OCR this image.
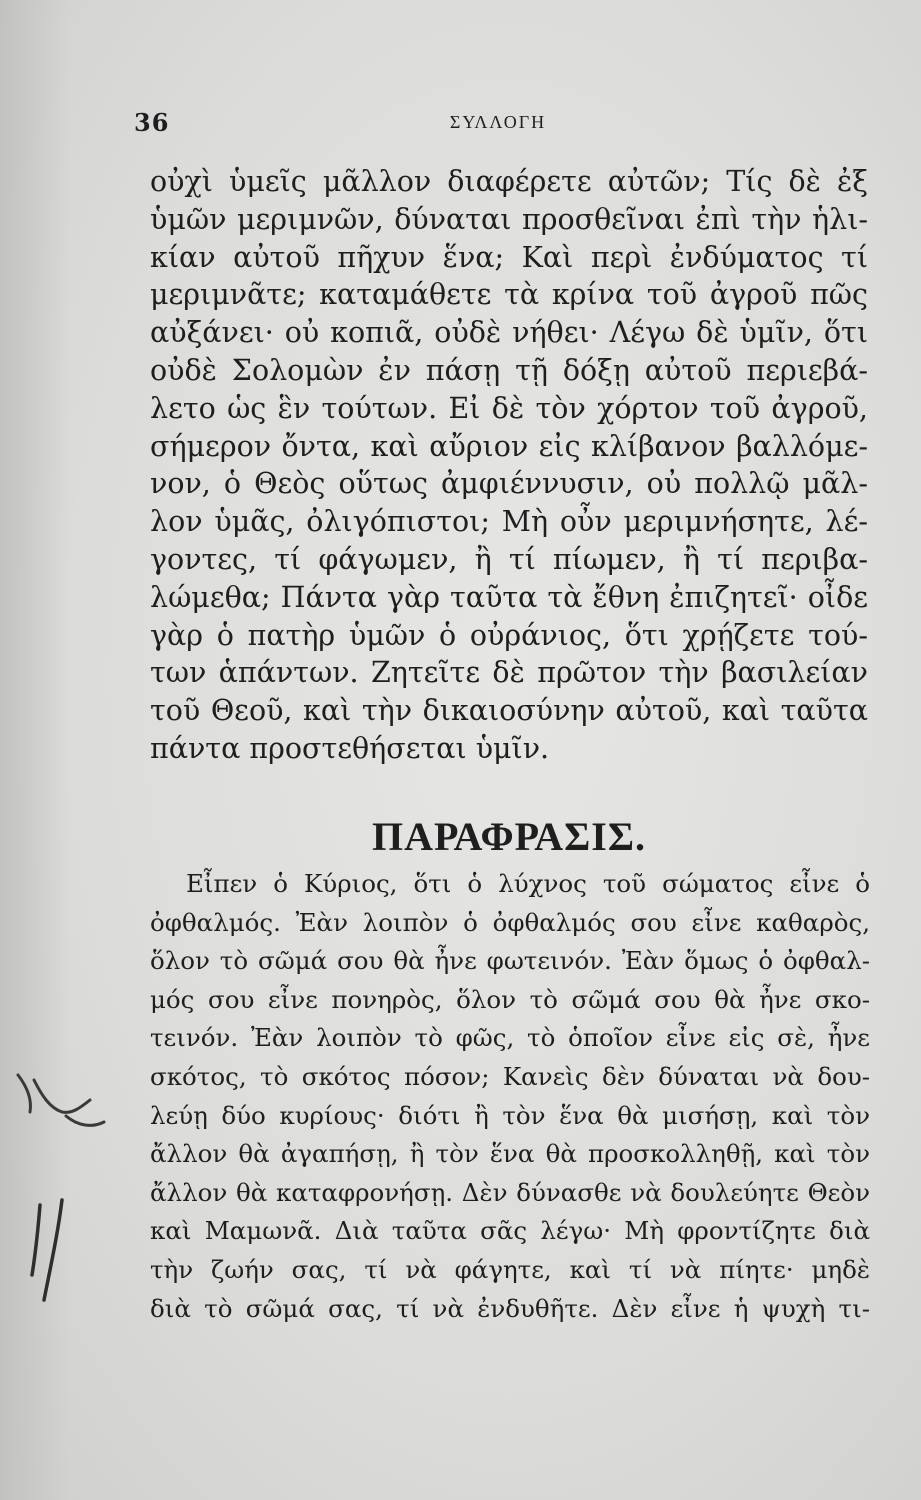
36	ΣΥΛΛΟΓΗ
οὐχὶ ὑμεῖς μᾶλλον διαφέρετε αὐτῶν; Τίς δὲ ἐξ
ὑμῶν μεριμνῶν, δύναται προσθεῖναι ἐπὶ τὴν ἡλι-
κίαν αὐτοῦ πῆχυν ἕνα; Καὶ περὶ ἐνδύματος τί
μεριμνᾶτε; καταμάθετε τὰ κρίνα τοῦ ἀγροῦ πῶς
αὐξάνει· οὐ κοπιᾶ, οὐδὲ νήθει· Λέγω δὲ ὑμῖν, ὅτι
οὐδὲ Σολομὼν ἐν πάσῃ τῇ δόξῃ αὐτοῦ περιεβά-
λετο ὡς ἓν τούτων. Εἰ δὲ τὸν χόρτον τοῦ ἀγροῦ,
σήμερον ὄντα, καὶ αὔριον εἰς κλίβανον βαλλόμε-
νον, ὁ Θεὸς οὕτως ἀμφιέννυσιν, οὐ πολλῷ μᾶλ-
λον ὑμᾶς, ὀλιγόπιστοι; Μὴ οὖν μεριμνήσητε, λέ-
γοντες, τί φάγωμεν, ἢ τί πίωμεν, ἢ τί περιβα-
λώμεθα; Πάντα γὰρ ταῦτα τὰ ἔθνη ἐπιζητεῖ· οἶδε
γὰρ ὁ πατὴρ ὑμῶν ὁ οὐράνιος, ὅτι χρῄζετε τού-
των ἁπάντων. Ζητεῖτε δὲ πρῶτον τὴν βασιλείαν
τοῦ Θεοῦ, καὶ τὴν δικαιοσύνην αὐτοῦ, καὶ ταῦτα
πάντα προστεθήσεται ὑμῖν.
ΠΑΡΑΦΡΑΣΙΣ.
Εἶπεν ὁ Κύριος, ὅτι ὁ λύχνος τοῦ σώματος εἶνε ὁ
ὀφθαλμός. Ἐὰν λοιπὸν ὁ ὀφθαλμός σου εἶνε καθαρὸς,
ὅλον τὸ σῶμά σου θὰ ἦνε φωτεινόν. Ἐὰν ὅμως ὁ ὀφθαλ-
μός σου εἶνε πονηρὸς, ὅλον τὸ σῶμά σου θὰ ἦνε σκο-
τεινόν. Ἐὰν λοιπὸν τὸ φῶς, τὸ ὁποῖον εἶνε εἰς σὲ, ἦνε
σκότος, τὸ σκότος πόσον; Κανεὶς δὲν δύναται νὰ δου-
λεύῃ δύο κυρίους· διότι ἢ τὸν ἕνα θὰ μισήσῃ, καὶ τὸν
ἄλλον θὰ ἀγαπήσῃ, ἢ τὸν ἕνα θὰ προσκολληθῇ, καὶ τὸν
ἄλλον θὰ καταφρονήσῃ. Δὲν δύνασθε νὰ δουλεύητε Θεὸν
καὶ Μαμωνᾶ. Διὰ ταῦτα σᾶς λέγω· Μὴ φροντίζητε διὰ
τὴν ζωήν σας, τί νὰ φάγητε, καὶ τί νὰ πίητε· μηδὲ
διὰ τὸ σῶμά σας, τί νὰ ἐνδυθῆτε. Δὲν εἶνε ἡ ψυχὴ τι-
